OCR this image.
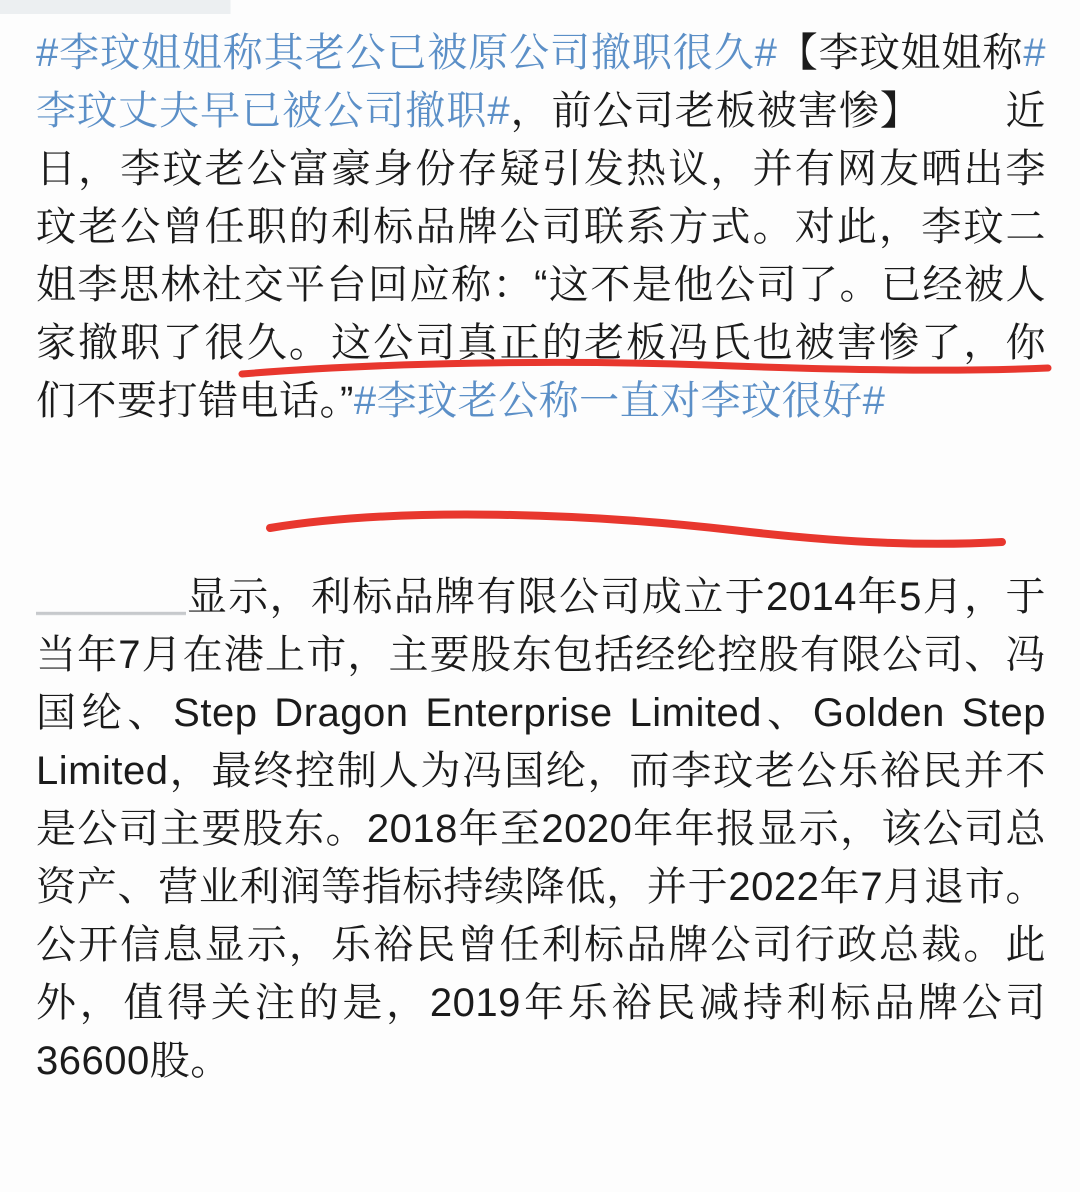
#李玟姐姐称其老公已被原公司撤职很久#【李玟姐姐称#李玟丈夫早已被公司撤职#，前公司老板被害惨】 近日，李玟老公富豪身份存疑引发热议，并有网友晒出李玟老公曾任职的利标品牌公司联系方式。对此，李玟二姐李思林社交平台回应称：“这不是他公司了。已经被人家撤职了很久。这公司真正的老板冯氏也被害惨了，你们不要打错电话。”#李玟老公称一直对李玟很好#
显示，利标品牌有限公司成立于2014年5月，于当年7月在港上市，主要股东包括经纶控股有限公司、冯国纶、Step Dragon Enterprise Limited、Golden Step Limited，最终控制人为冯国纶，而李玟老公乐裕民并不是公司主要股东。2018年至2020年年报显示，该公司总资产、营业利润等指标持续降低，并于2022年7月退市。公开信息显示，乐裕民曾任利标品牌公司行政总裁。此外，值得关注的是，2019年乐裕民减持利标品牌公司36600股。
